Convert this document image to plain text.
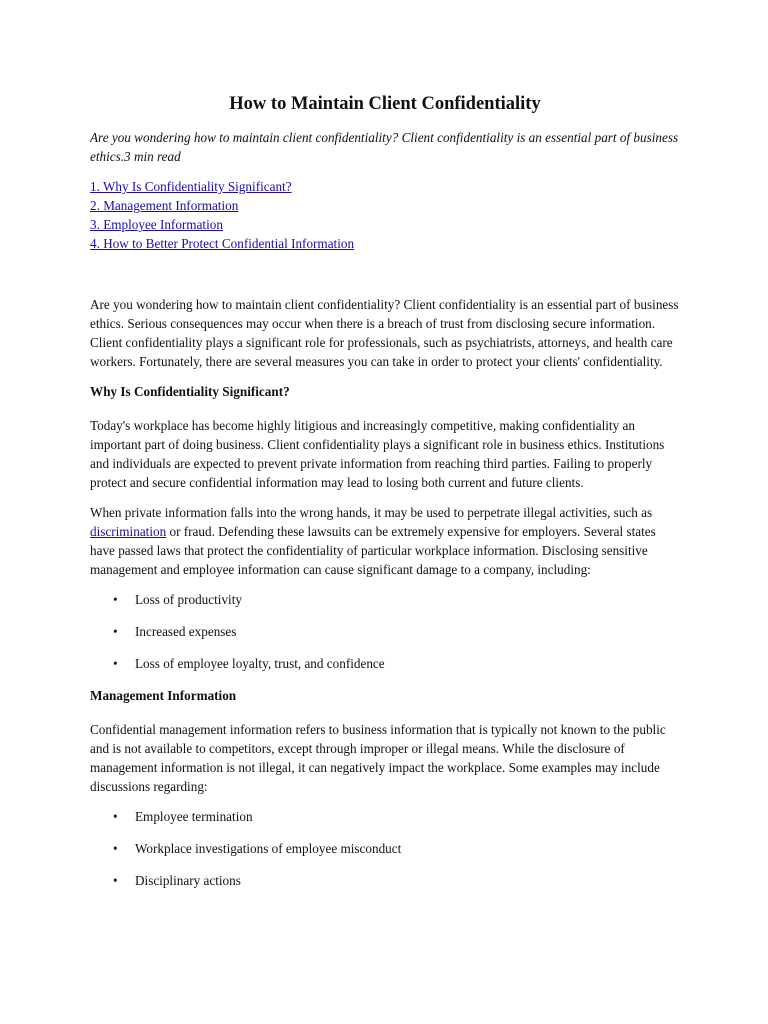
How to Maintain Client Confidentiality

Are you wondering how to maintain client confidentiality? Client confidentiality is an essential part of business ethics.3 min read

1. Why Is Confidentiality Significant?
2. Management Information
3. Employee Information
4. How to Better Protect Confidential Information

Are you wondering how to maintain client confidentiality? Client confidentiality is an essential part of business ethics. Serious consequences may occur when there is a breach of trust from disclosing secure information. Client confidentiality plays a significant role for professionals, such as psychiatrists, attorneys, and health care workers. Fortunately, there are several measures you can take in order to protect your clients' confidentiality.

Why Is Confidentiality Significant?

Today's workplace has become highly litigious and increasingly competitive, making confidentiality an important part of doing business. Client confidentiality plays a significant role in business ethics. Institutions and individuals are expected to prevent private information from reaching third parties. Failing to properly protect and secure confidential information may lead to losing both current and future clients.

When private information falls into the wrong hands, it may be used to perpetrate illegal activities, such as discrimination or fraud. Defending these lawsuits can be extremely expensive for employers. Several states have passed laws that protect the confidentiality of particular workplace information. Disclosing sensitive management and employee information can cause significant damage to a company, including:

• Loss of productivity
• Increased expenses
• Loss of employee loyalty, trust, and confidence
Management Information

Confidential management information refers to business information that is typically not known to the public and is not available to competitors, except through improper or illegal means. While the disclosure of management information is not illegal, it can negatively impact the workplace. Some examples may include discussions regarding:

• Employee termination
• Workplace investigations of employee misconduct
• Disciplinary actions
